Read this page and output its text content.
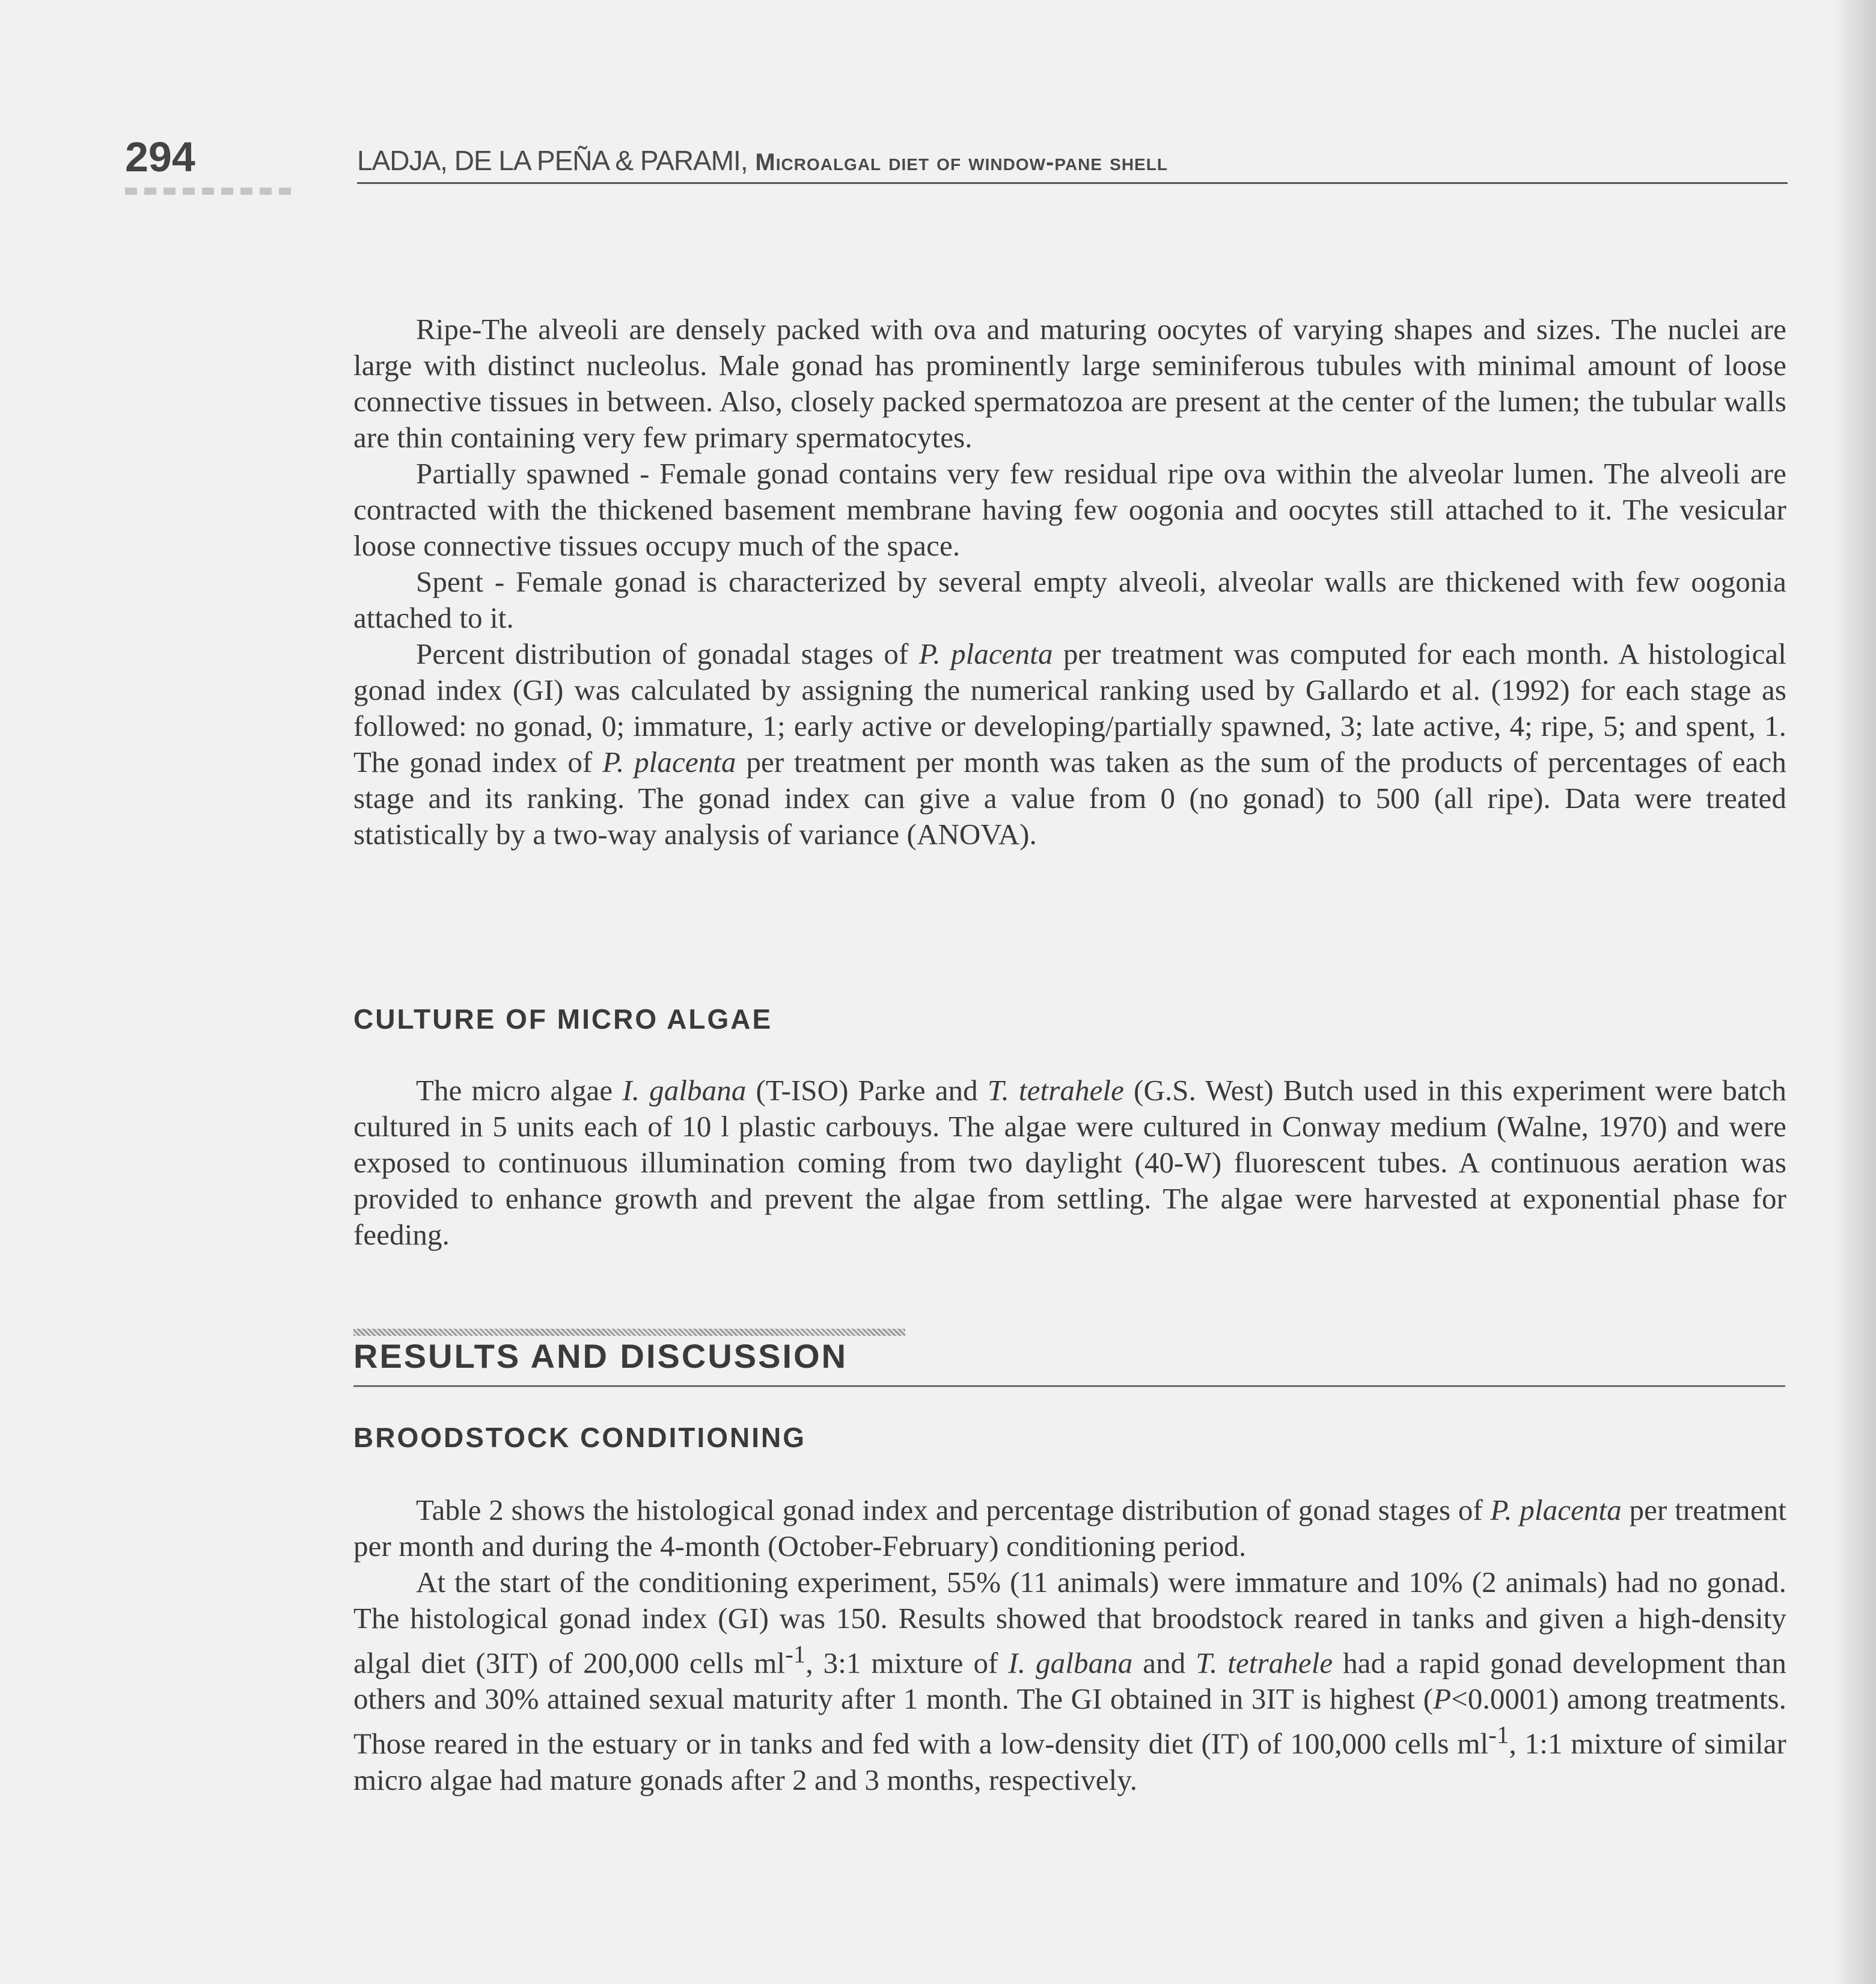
294	LADJA, DE LA PEÑA & PARAMI, Microalgal diet of window-pane shell

Ripe-The alveoli are densely packed with ova and maturing oocytes of varying shapes and sizes. The nuclei are large with distinct nucleolus. Male gonad has prominently large seminiferous tubules with minimal amount of loose connective tissues in between. Also, closely packed spermatozoa are present at the center of the lumen; the tubular walls are thin containing very few primary spermatocytes.

Partially spawned - Female gonad contains very few residual ripe ova within the alveolar lumen. The alveoli are contracted with the thickened basement membrane having few oogonia and oocytes still attached to it. The vesicular loose connective tissues occupy much of the space.

Spent - Female gonad is characterized by several empty alveoli, alveolar walls are thickened with few oogonia attached to it.

Percent distribution of gonadal stages of P. placenta per treatment was computed for each month. A histological gonad index (GI) was calculated by assigning the numerical ranking used by Gallardo et al. (1992) for each stage as followed: no gonad, 0; immature, 1; early active or developing/partially spawned, 3; late active, 4; ripe, 5; and spent, 1. The gonad index of P. placenta per treatment per month was taken as the sum of the products of percentages of each stage and its ranking. The gonad index can give a value from 0 (no gonad) to 500 (all ripe). Data were treated statistically by a two-way analysis of variance (ANOVA).

CULTURE OF MICRO ALGAE

The micro algae I. galbana (T-ISO) Parke and T. tetrahele (G.S. West) Butch used in this experiment were batch cultured in 5 units each of 10 l plastic carbouys. The algae were cultured in Conway medium (Walne, 1970) and were exposed to continuous illumination coming from two daylight (40-W) fluorescent tubes. A continuous aeration was provided to enhance growth and prevent the algae from settling. The algae were harvested at exponential phase for feeding.

RESULTS AND DISCUSSION
BROODSTOCK CONDITIONING

Table 2 shows the histological gonad index and percentage distribution of gonad stages of P. placenta per treatment per month and during the 4-month (October-February) conditioning period.

At the start of the conditioning experiment, 55% (11 animals) were immature and 10% (2 animals) had no gonad. The histological gonad index (GI) was 150. Results showed that broodstock reared in tanks and given a high-density algal diet (3IT) of 200,000 cells $ml^{-1}$, 3:1 mixture of I. galbana and T. tetrahele had a rapid gonad development than others and 30% attained sexual maturity after 1 month. The GI obtained in 3IT is highest (P<0.0001) among treatments. Those reared in the estuary or in tanks and fed with a low-density diet (IT) of 100,000 cells $ml^{-1}$, 1:1 mixture of similar micro algae had mature gonads after 2 and 3 months, respectively.
